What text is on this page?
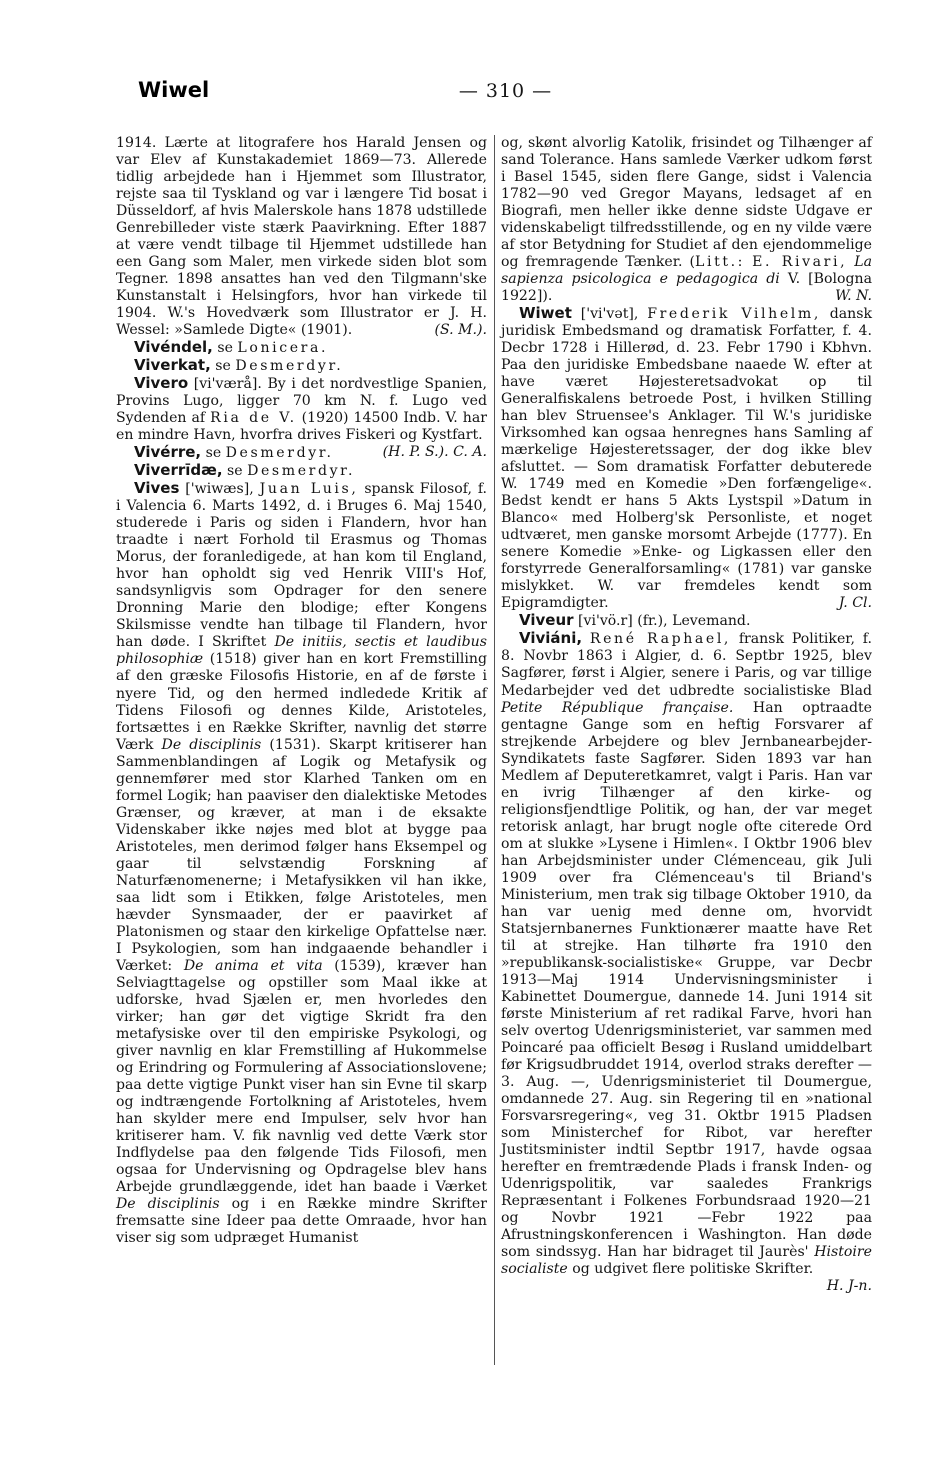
Wiwel	— 310 —

1914. Lærte at litografere hos Harald Jensen og var Elev af Kunstakademiet 1869—73. Allerede tidlig arbejdede han i Hjemmet som Illustrator, rejste saa til Tyskland og var i længere Tid bosat i Düsseldorf, af hvis Malerskole hans 1878 udstillede Genrebilleder viste stærk Paavirkning. Efter 1887 at være vendt tilbage til Hjemmet udstillede han een Gang som Maler, men virkede siden blot som Tegner. 1898 ansattes han ved den Tilgmann'ske Kunstanstalt i Helsingfors, hvor han virkede til 1904. W.'s Hovedværk som Illustrator er J. H. Wessel: »Samlede Digte« (1901).	(S. M.).

Vivéndel, se Lonicera.

Viverkat, se Desmerdyr.

Vivero [vi'værå]. By i det nordvestlige Spanien, Provins Lugo, ligger 70 km N. f. Lugo ved Sydenden af Ria de V. (1920) 14500 Indb. V. har en mindre Havn, hvorfra drives Fiskeri og Kystfart.
(H. P. S.). C. A.

Vivérre, se Desmerdyr.

Viverrīdæ, se Desmerdyr.

Vives ['wiwæs], Juan Luis, spansk Filosof, f. i Valencia 6. Marts 1492, d. i Bruges 6. Maj 1540, studerede i Paris og siden i Flandern, hvor han traadte i nært Forhold til Erasmus og Thomas Morus, der foranledigede, at han kom til England, hvor han opholdt sig ved Henrik VIII's Hof, sandsynligvis som Opdrager for den senere Dronning Marie den blodige; efter Kongens Skilsmisse vendte han tilbage til Flandern, hvor han døde. I Skriftet De initiis, sectis et laudibus philosophiæ (1518) giver han en kort Fremstilling af den græske Filosofis Historie, en af de første i nyere Tid, og den hermed indledede Kritik af Tidens Filosofi og dennes Kilde, Aristoteles, fortsættes i en Række Skrifter, navnlig det større Værk De disciplinis (1531). Skarpt kritiserer han Sammenblandingen af Logik og Metafysik og gennemfører med stor Klarhed Tanken om en formel Logik; han paaviser den dialektiske Metodes Grænser, og kræver, at man i de eksakte Videnskaber ikke nøjes med blot at bygge paa Aristoteles, men derimod følger hans Eksempel og gaar til selvstændig Forskning af Naturfænomenerne; i Metafysikken vil han ikke, saa lidt som i Etikken, følge Aristoteles, men hævder Synsmaader, der er paavirket af Platonismen og staar den kirkelige Opfattelse nær. I Psykologien, som han indgaaende behandler i Værket: De anima et vita (1539), kræver han Selviagttagelse og opstiller som Maal ikke at udforske, hvad Sjælen er, men hvorledes den virker; han gør det vigtige Skridt fra den metafysiske over til den empiriske Psykologi, og giver navnlig en klar Fremstilling af Hukommelse og Erindring og Formulering af Associationslovene; paa dette vigtige Punkt viser han sin Evne til skarp og indtrængende Fortolkning af Aristoteles, hvem han skylder mere end Impulser, selv hvor han kritiserer ham. V. fik navnlig ved dette Værk stor Indflydelse paa den følgende Tids Filosofi, men ogsaa for Undervisning og Opdragelse blev hans Arbejde grundlæggende, idet han baade i Værket De disciplinis og i en Række mindre Skrifter fremsatte sine Ideer paa dette Omraade, hvor han viser sig som udpræget Humanist

og, skønt alvorlig Katolik, frisindet og Tilhænger af sand Tolerance. Hans samlede Værker udkom først i Basel 1545, siden flere Gange, sidst i Valencia 1782—90 ved Gregor Mayans, ledsaget af en Biografi, men heller ikke denne sidste Udgave er videnskabeligt tilfredsstillende, og en ny vilde være af stor Betydning for Studiet af den ejendommelige og fremragende Tænker. (Litt.: E. Rivari, La sapienza psicologica e pedagogica di V. [Bologna 1922]).	W. N.

Wiwet ['vi'vət], Frederik Vilhelm, dansk juridisk Embedsmand og dramatisk Forfatter, f. 4. Decbr 1728 i Hillerød, d. 23. Febr 1790 i Kbhvn. Paa den juridiske Embedsbane naaede W. efter at have været Højesteretsadvokat op til Generalfiskalens betroede Post, i hvilken Stilling han blev Struensee's Anklager. Til W.'s juridiske Virksomhed kan ogsaa henregnes hans Samling af mærkelige Højesteretssager, der dog ikke blev afsluttet. — Som dramatisk Forfatter debuterede W. 1749 med en Komedie »Den forfængelige«. Bedst kendt er hans 5 Akts Lystspil »Datum in Blanco« med Holberg'sk Personliste, et noget udtværet, men ganske morsomt Arbejde (1777). En senere Komedie »Enke- og Ligkassen eller den forstyrrede Generalforsamling« (1781) var ganske mislykket. W. var fremdeles kendt som Epigramdigter.	J. Cl.

Viveur [vi'vö.r] (fr.), Levemand.

Viviáni, René Raphael, fransk Politiker, f. 8. Novbr 1863 i Algier, d. 6. Septbr 1925, blev Sagfører, først i Algier, senere i Paris, og var tillige Medarbejder ved det udbredte socialistiske Blad Petite République française. Han optraadte gentagne Gange som en heftig Forsvarer af strejkende Arbejdere og blev Jernbanearbejder-Syndikatets faste Sagfører. Siden 1893 var han Medlem af Deputeretkamret, valgt i Paris. Han var en ivrig Tilhænger af den kirke- og religionsfjendtlige Politik, og han, der var meget retorisk anlagt, har brugt nogle ofte citerede Ord om at slukke »Lysene i Himlen«. I Oktbr 1906 blev han Arbejdsminister under Clémenceau, gik Juli 1909 over fra Clémenceau's til Briand's Ministerium, men trak sig tilbage Oktober 1910, da han var uenig med denne om, hvorvidt Statsjernbanernes Funktionærer maatte have Ret til at strejke. Han tilhørte fra 1910 den »republikansk-socialistiske« Gruppe, var Decbr 1913—Maj 1914 Undervisningsminister i Kabinettet Doumergue, dannede 14. Juni 1914 sit første Ministerium af ret radikal Farve, hvori han selv overtog Udenrigsministeriet, var sammen med Poincaré paa officielt Besøg i Rusland umiddelbart før Krigsudbruddet 1914, overlod straks derefter — 3. Aug. —, Udenrigsministeriet til Doumergue, omdannede 27. Aug. sin Regering til en »national Forsvarsregering«, veg 31. Oktbr 1915 Pladsen som Ministerchef for Ribot, var herefter Justitsminister indtil Septbr 1917, havde ogsaa herefter en fremtrædende Plads i fransk Inden- og Udenrigspolitik, var saaledes Frankrigs Repræsentant i Folkenes Forbundsraad 1920—21 og Novbr 1921 —Febr 1922 paa Afrustningskonferencen i Washington. Han døde som sindssyg. Han har bidraget til Jaurès' Histoire socialiste og udgivet flere politiske Skrifter.
H. J-n.
